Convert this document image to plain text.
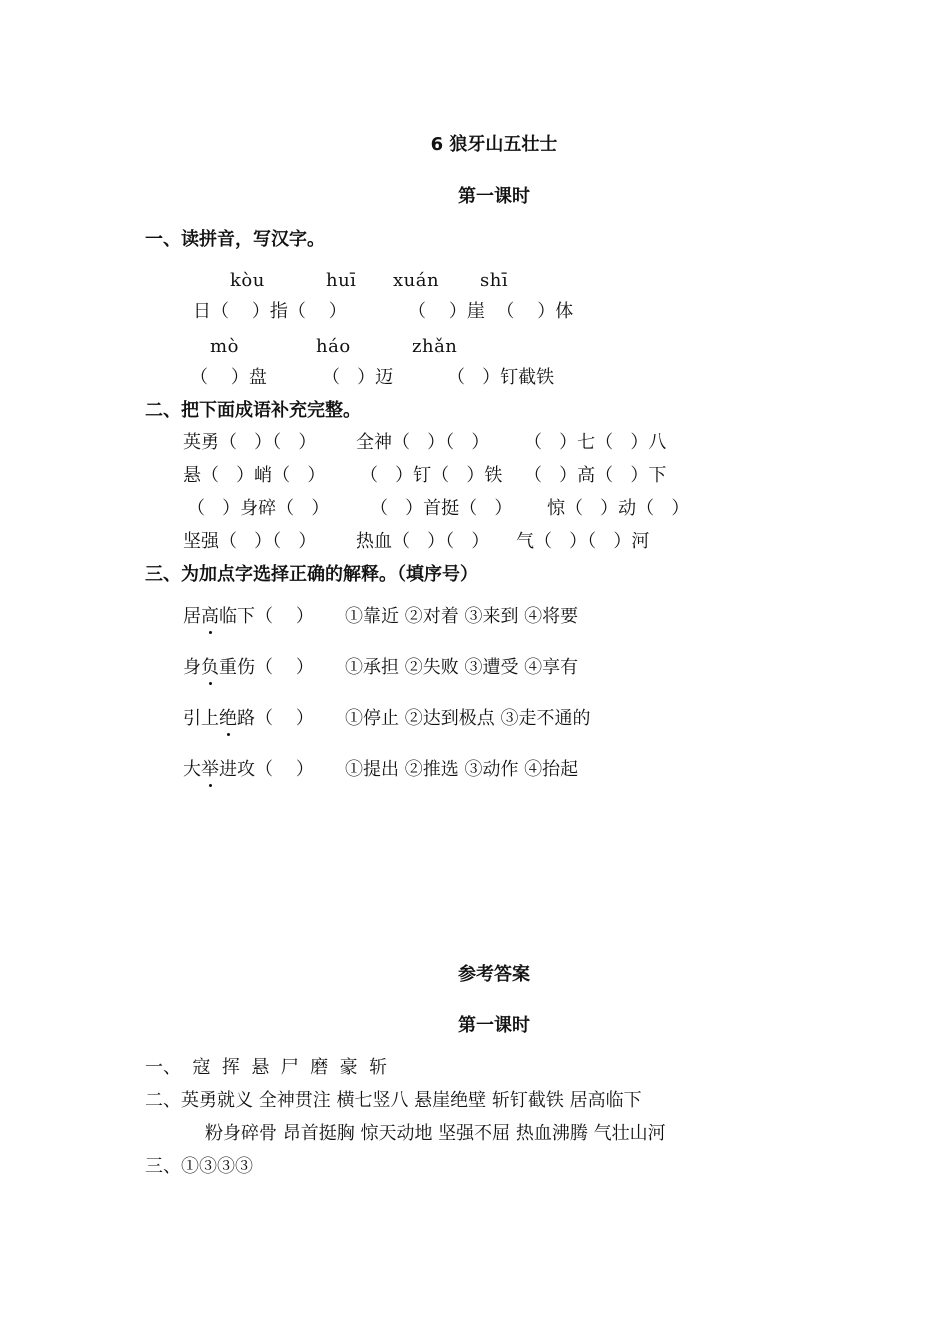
6 狼牙山五壮士
第一课时
一、读拼音，写汉字。
kòu	huī xuán shī
日（    ）指（    ）	（    ）崖  （    ）体
mò	háo	zhǎn
（    ）盘	（   ）迈	（   ）钉截铁
二、把下面成语补充完整。
英勇（   ）（   ） 全神（   ）（   ） （   ）七（   ）八
悬（   ）峭（   ） （   ）钉（   ）铁 （   ）高（   ）下
（   ）身碎（   ） （   ）首挺（   ） 惊（   ）动（   ）
坚强（   ）（   ） 热血（   ）（   ） 气（   ）（   ）河
三、为加点字选择正确的解释。（填序号）
居高临下（    ） ①靠近 ②对着 ③来到 ④将要
身负重伤（    ） ①承担 ②失败 ③遭受 ④享有
引上绝路（    ） ①停止 ②达到极点 ③走不通的
大举进攻（    ） ①提出 ②推选 ③动作 ④抬起
参考答案
第一课时
一、  寇  挥  悬  尸  磨  豪  斩
二、英勇就义 全神贯注 横七竖八 悬崖绝壁 斩钉截铁 居高临下
粉身碎骨 昂首挺胸 惊天动地 坚强不屈 热血沸腾 气壮山河
三、①③③③
